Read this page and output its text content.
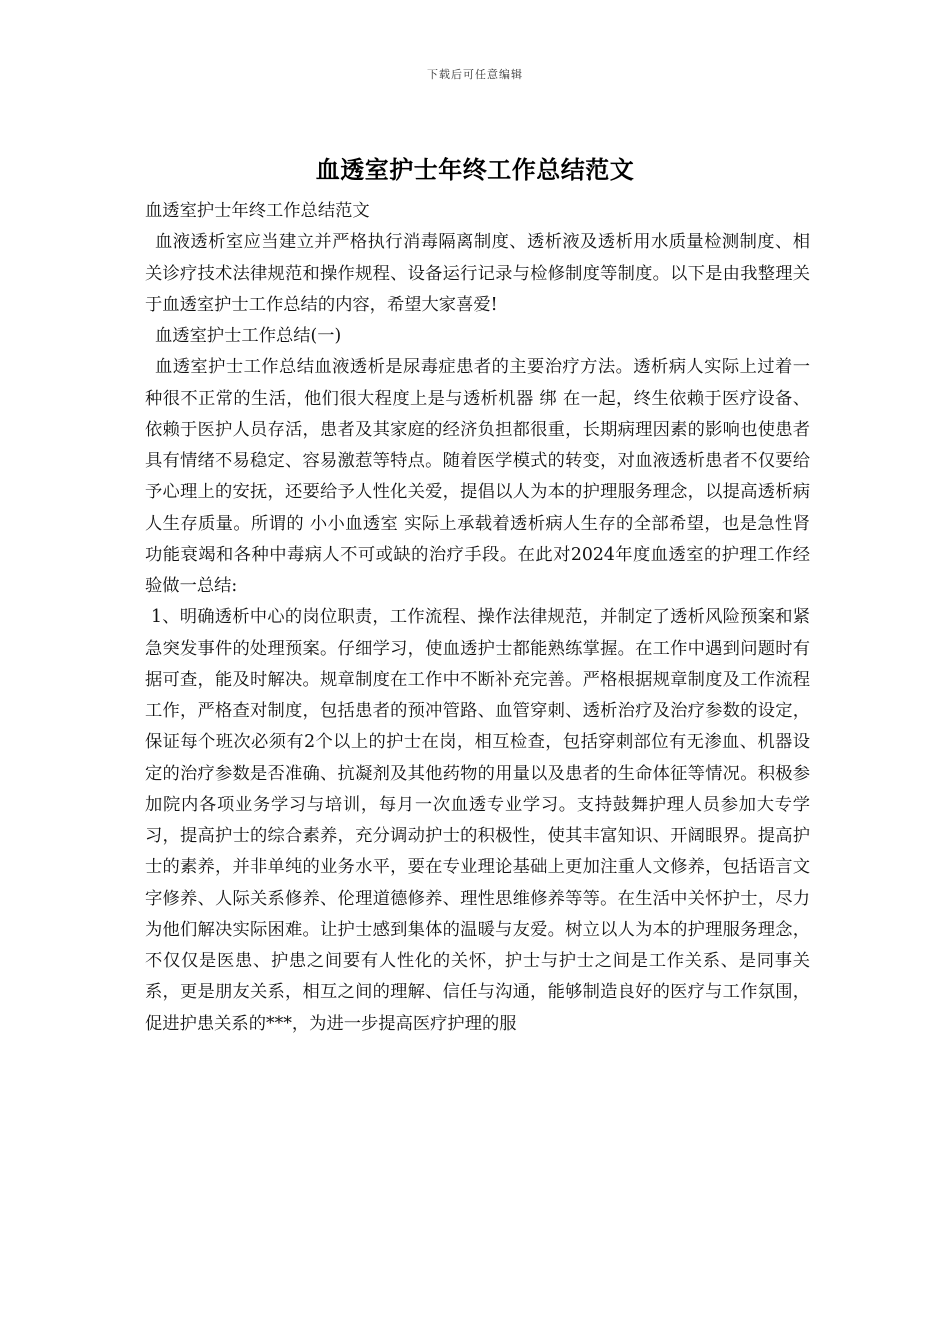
下载后可任意编辑
血透室护士年终工作总结范文

血透室护士年终工作总结范文

血液透析室应当建立并严格执行消毒隔离制度、透析液及透析用水质量检测制度、相关诊疗技术法律规范和操作规程、设备运行记录与检修制度等制度。以下是由我整理关于血透室护士工作总结的内容，希望大家喜爱!

血透室护士工作总结(一)

血透室护士工作总结血液透析是尿毒症患者的主要治疗方法。透析病人实际上过着一种很不正常的生活，他们很大程度上是与透析机器 绑 在一起，终生依赖于医疗设备、依赖于医护人员存活，患者及其家庭的经济负担都很重，长期病理因素的影响也使患者具有情绪不易稳定、容易激惹等特点。随着医学模式的转变，对血液透析患者不仅要给予心理上的安抚，还要给予人性化关爱，提倡以人为本的护理服务理念，以提高透析病人生存质量。所谓的 小小血透室 实际上承载着透析病人生存的全部希望，也是急性肾功能衰竭和各种中毒病人不可或缺的治疗手段。在此对2024年度血透室的护理工作经验做一总结:

1、明确透析中心的岗位职责，工作流程、操作法律规范，并制定了透析风险预案和紧急突发事件的处理预案。仔细学习，使血透护士都能熟练掌握。在工作中遇到问题时有据可查，能及时解决。规章制度在工作中不断补充完善。严格根据规章制度及工作流程工作，严格查对制度，包括患者的预冲管路、血管穿刺、透析治疗及治疗参数的设定，保证每个班次必须有2个以上的护士在岗，相互检查，包括穿刺部位有无渗血、机器设定的治疗参数是否准确、抗凝剂及其他药物的用量以及患者的生命体征等情况。积极参加院内各项业务学习与培训，每月一次血透专业学习。支持鼓舞护理人员参加大专学习，提高护士的综合素养，充分调动护士的积极性，使其丰富知识、开阔眼界。提高护士的素养，并非单纯的业务水平，要在专业理论基础上更加注重人文修养，包括语言文字修养、人际关系修养、伦理道德修养、理性思维修养等等。在生活中关怀护士，尽力为他们解决实际困难。让护士感到集体的温暖与友爱。树立以人为本的护理服务理念，不仅仅是医患、护患之间要有人性化的关怀，护士与护士之间是工作关系、是同事关系，更是朋友关系，相互之间的理解、信任与沟通，能够制造良好的医疗与工作氛围，促进护患关系的***，为进一步提高医疗护理的服
